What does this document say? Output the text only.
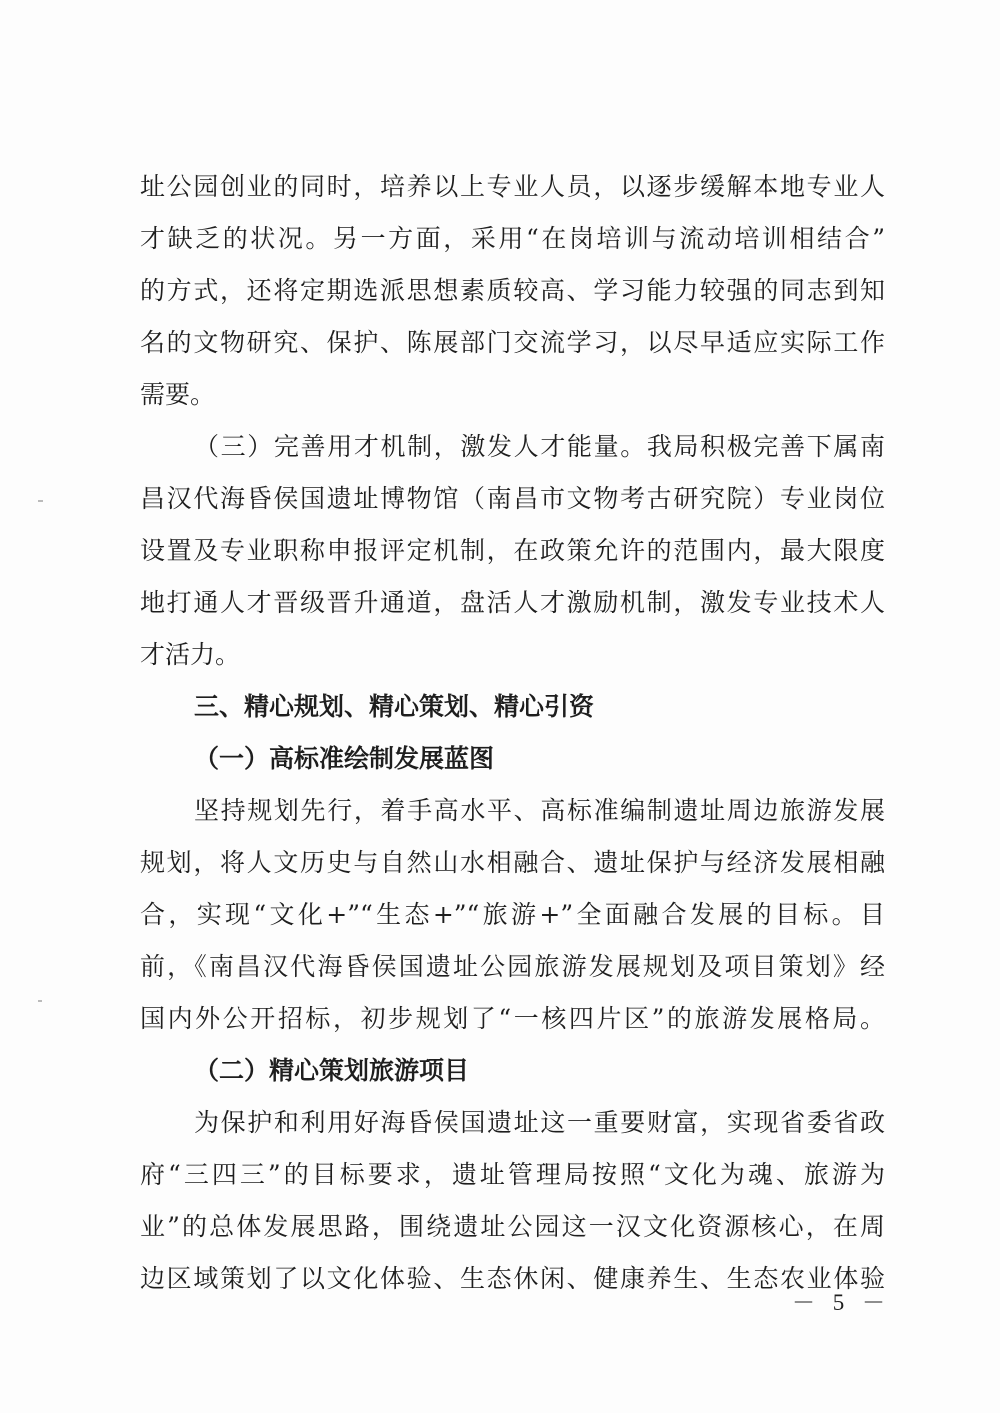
址公园创业的同时，培养以上专业人员，以逐步缓解本地专业人
才缺乏的状况。另一方面，采用“在岗培训与流动培训相结合”
的方式，还将定期选派思想素质较高、学习能力较强的同志到知
名的文物研究、保护、陈展部门交流学习，以尽早适应实际工作
需要。
（三）完善用才机制，激发人才能量。我局积极完善下属南
昌汉代海昏侯国遗址博物馆（南昌市文物考古研究院）专业岗位
设置及专业职称申报评定机制，在政策允许的范围内，最大限度
地打通人才晋级晋升通道，盘活人才激励机制，激发专业技术人
才活力。
三、精心规划、精心策划、精心引资
（一）高标准绘制发展蓝图
坚持规划先行，着手高水平、高标准编制遗址周边旅游发展
规划，将人文历史与自然山水相融合、遗址保护与经济发展相融
合，实现“文化+”“生态+”“旅游+”全面融合发展的目标。目
前，《南昌汉代海昏侯国遗址公园旅游发展规划及项目策划》经
国内外公开招标，初步规划了“一核四片区”的旅游发展格局。
（二）精心策划旅游项目
为保护和利用好海昏侯国遗址这一重要财富，实现省委省政
府“三四三”的目标要求，遗址管理局按照“文化为魂、旅游为
业”的总体发展思路，围绕遗址公园这一汉文化资源核心，在周
边区域策划了以文化体验、生态休闲、健康养生、生态农业体验
－ 5 －
